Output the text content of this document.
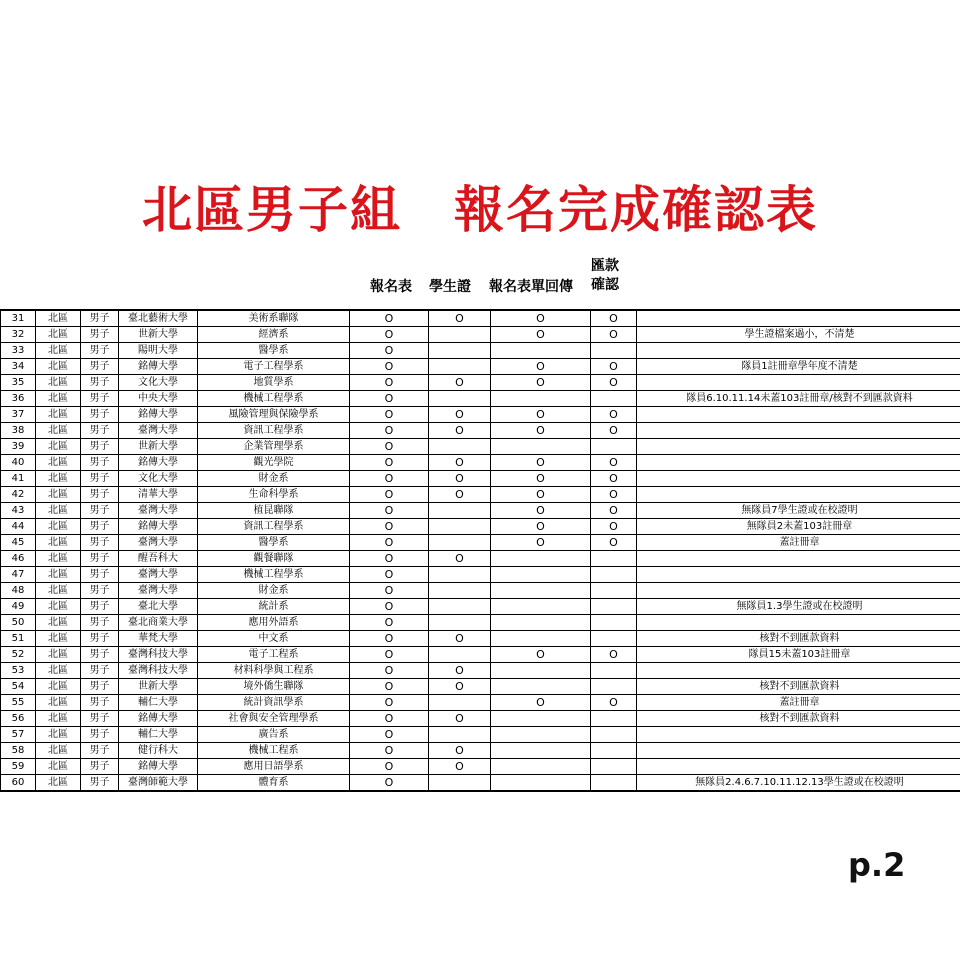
北區男子組　報名完成確認表
報名表 學生證 報名表單回傳
匯款
確認
31	北區	男子	臺北藝術大學	美術系聯隊	O	O	O	O	
32	北區	男子	世新大學	經濟系	O		O	O	學生證檔案過小，不清楚
33	北區	男子	陽明大學	醫學系	O				
34	北區	男子	銘傳大學	電子工程學系	O		O	O	隊員1註冊章學年度不清楚
35	北區	男子	文化大學	地質學系	O	O	O	O	
36	北區	男子	中央大學	機械工程學系	O				隊員6.10.11.14未蓋103註冊章/核對不到匯款資料
37	北區	男子	銘傳大學	風險管理與保險學系	O	O	O	O	
38	北區	男子	臺灣大學	資訊工程學系	O	O	O	O	
39	北區	男子	世新大學	企業管理學系	O				
40	北區	男子	銘傳大學	觀光學院	O	O	O	O	
41	北區	男子	文化大學	財金系	O	O	O	O	
42	北區	男子	清華大學	生命科學系	O	O	O	O	
43	北區	男子	臺灣大學	植昆聯隊	O		O	O	無隊員7學生證或在校證明
44	北區	男子	銘傳大學	資訊工程學系	O		O	O	無隊員2未蓋103註冊章
45	北區	男子	臺灣大學	醫學系	O		O	O	蓋註冊章
46	北區	男子	醒吾科大	觀餐聯隊	O	O			
47	北區	男子	臺灣大學	機械工程學系	O				
48	北區	男子	臺灣大學	財金系	O				
49	北區	男子	臺北大學	統計系	O				無隊員1.3學生證或在校證明
50	北區	男子	臺北商業大學	應用外語系	O				
51	北區	男子	華梵大學	中文系	O	O			核對不到匯款資料
52	北區	男子	臺灣科技大學	電子工程系	O		O	O	隊員15未蓋103註冊章
53	北區	男子	臺灣科技大學	材料科學與工程系	O	O			
54	北區	男子	世新大學	境外僑生聯隊	O	O			核對不到匯款資料
55	北區	男子	輔仁大學	統計資訊學系	O		O	O	蓋註冊章
56	北區	男子	銘傳大學	社會與安全管理學系	O	O			核對不到匯款資料
57	北區	男子	輔仁大學	廣告系	O				
58	北區	男子	健行科大	機械工程系	O	O			
59	北區	男子	銘傳大學	應用日語學系	O	O			
60	北區	男子	臺灣師範大學	體育系	O				無隊員2.4.6.7.10.11.12.13學生證或在校證明
p.2
